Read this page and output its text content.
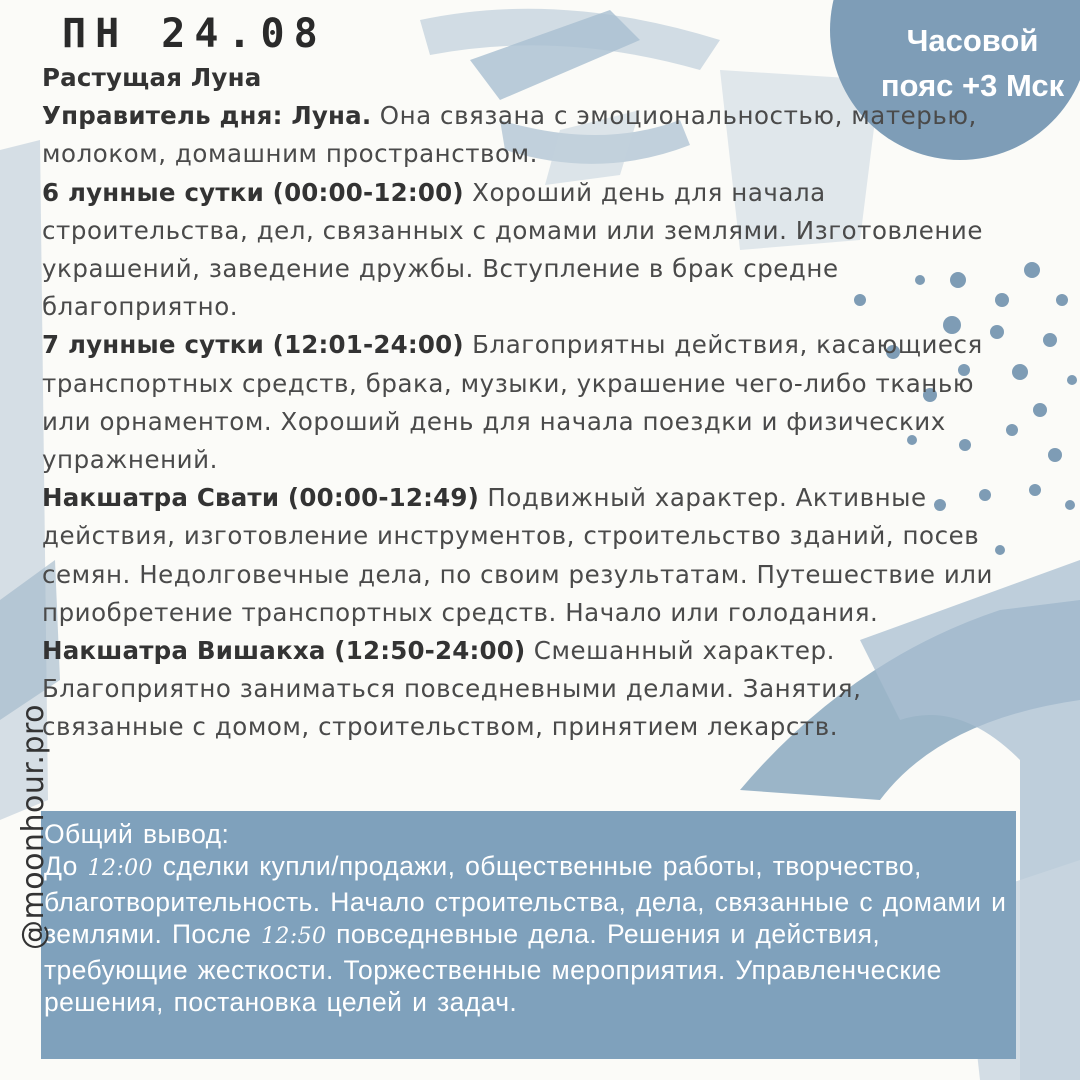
Часовой
пояс +3 Мск
ПН 24.08

Растущая Луна

Управитель дня: Луна. Она связана с эмоциональностью, матерью, молоком, домашним пространством.

6 лунные сутки (00:00-12:00) Хороший день для начала строительства, дел, связанных с домами или землями. Изготовление украшений, заведение дружбы. Вступление в брак средне благоприятно.

7 лунные сутки (12:01-24:00) Благоприятны действия, касающиеся транспортных средств, брака, музыки, украшение чего-либо тканью или орнаментом. Хороший день для начала поездки и физических упражнений.

Накшатра Свати (00:00-12:49) Подвижный характер. Активные действия, изготовление инструментов, строительство зданий, посев семян. Недолговечные дела, по своим результатам. Путешествие или приобретение транспортных средств. Начало или голодания.

Накшатра Вишакха (12:50-24:00) Смешанный характер. Благоприятно заниматься повседневными делами. Занятия, связанные с домом, строительством, принятием лекарств.

Общий вывод:

До 12:00 сделки купли/продажи, общественные работы, творчество, благотворительность. Начало строительства, дела, связанные с домами и землями. После 12:50 повседневные дела. Решения и действия, требующие жесткости. Торжественные мероприятия. Управленческие решения, постановка целей и задач.

@moonhour.pro
